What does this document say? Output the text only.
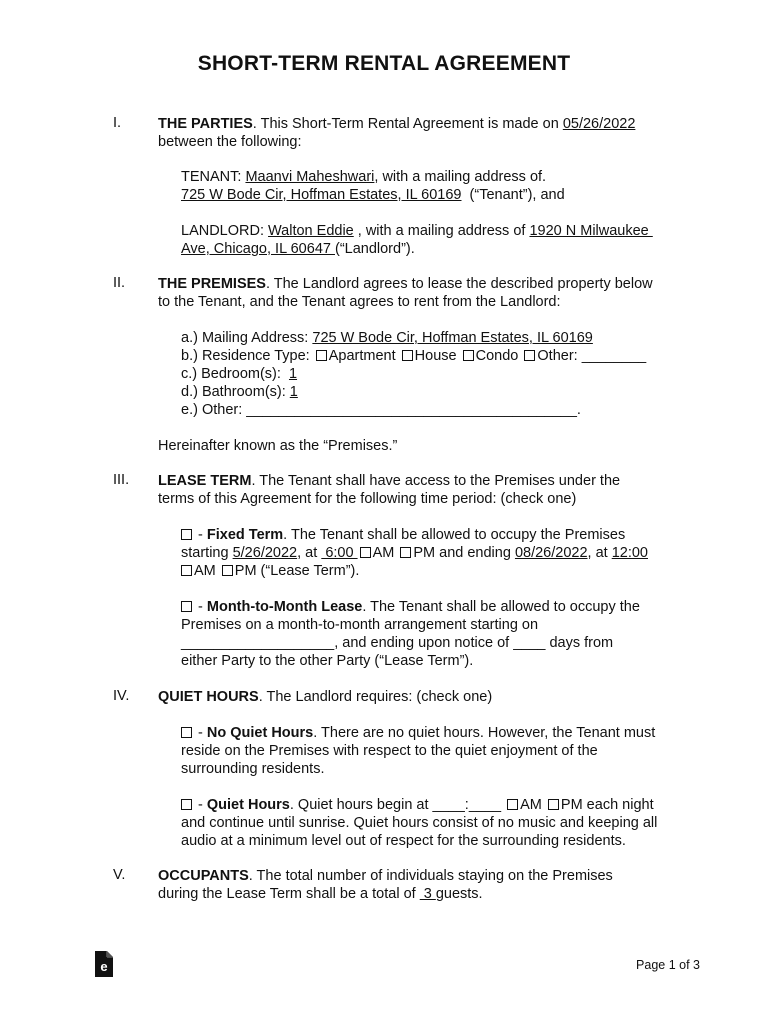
SHORT-TERM RENTAL AGREEMENT
I.	THE PARTIES. This Short-Term Rental Agreement is made on 05/26/2022
between the following:
TENANT: Maanvi Maheshwari, with a mailing address of.
725 W Bode Cir, Hoffman Estates, IL 60169  (“Tenant”), and
LANDLORD: Walton Eddie , with a mailing address of 1920 N Milwaukee
Ave, Chicago, IL 60647 (“Landlord”).
II. THE PREMISES. The Landlord agrees to lease the described property below
to the Tenant, and the Tenant agrees to rent from the Landlord:
a.) Mailing Address: 725 W Bode Cir, Hoffman Estates, IL 60169
b.) Residence Type: Apartment House Condo Other: ________
c.) Bedroom(s):  1
d.) Bathroom(s): 1
e.) Other: _________________________________________.
Hereinafter known as the “Premises.”
III. LEASE TERM. The Tenant shall have access to the Premises under the
terms of this Agreement for the following time period: (check one)
- Fixed Term. The Tenant shall be allowed to occupy the Premises
starting 5/26/2022, at  6:00 AM PM and ending 08/26/2022, at 12:00
AM PM (“Lease Term”).
- Month-to-Month Lease. The Tenant shall be allowed to occupy the
Premises on a month-to-month arrangement starting on
___________________, and ending upon notice of ____ days from
either Party to the other Party (“Lease Term”).
IV. QUIET HOURS. The Landlord requires: (check one)
- No Quiet Hours. There are no quiet hours. However, the Tenant must
reside on the Premises with respect to the quiet enjoyment of the
surrounding residents.
- Quiet Hours. Quiet hours begin at ____:____ AM PM each night
and continue until sunrise. Quiet hours consist of no music and keeping all
audio at a minimum level out of respect for the surrounding residents.
V. OCCUPANTS. The total number of individuals staying on the Premises
during the Lease Term shall be a total of  3 guests.
e	Page 1 of 3
